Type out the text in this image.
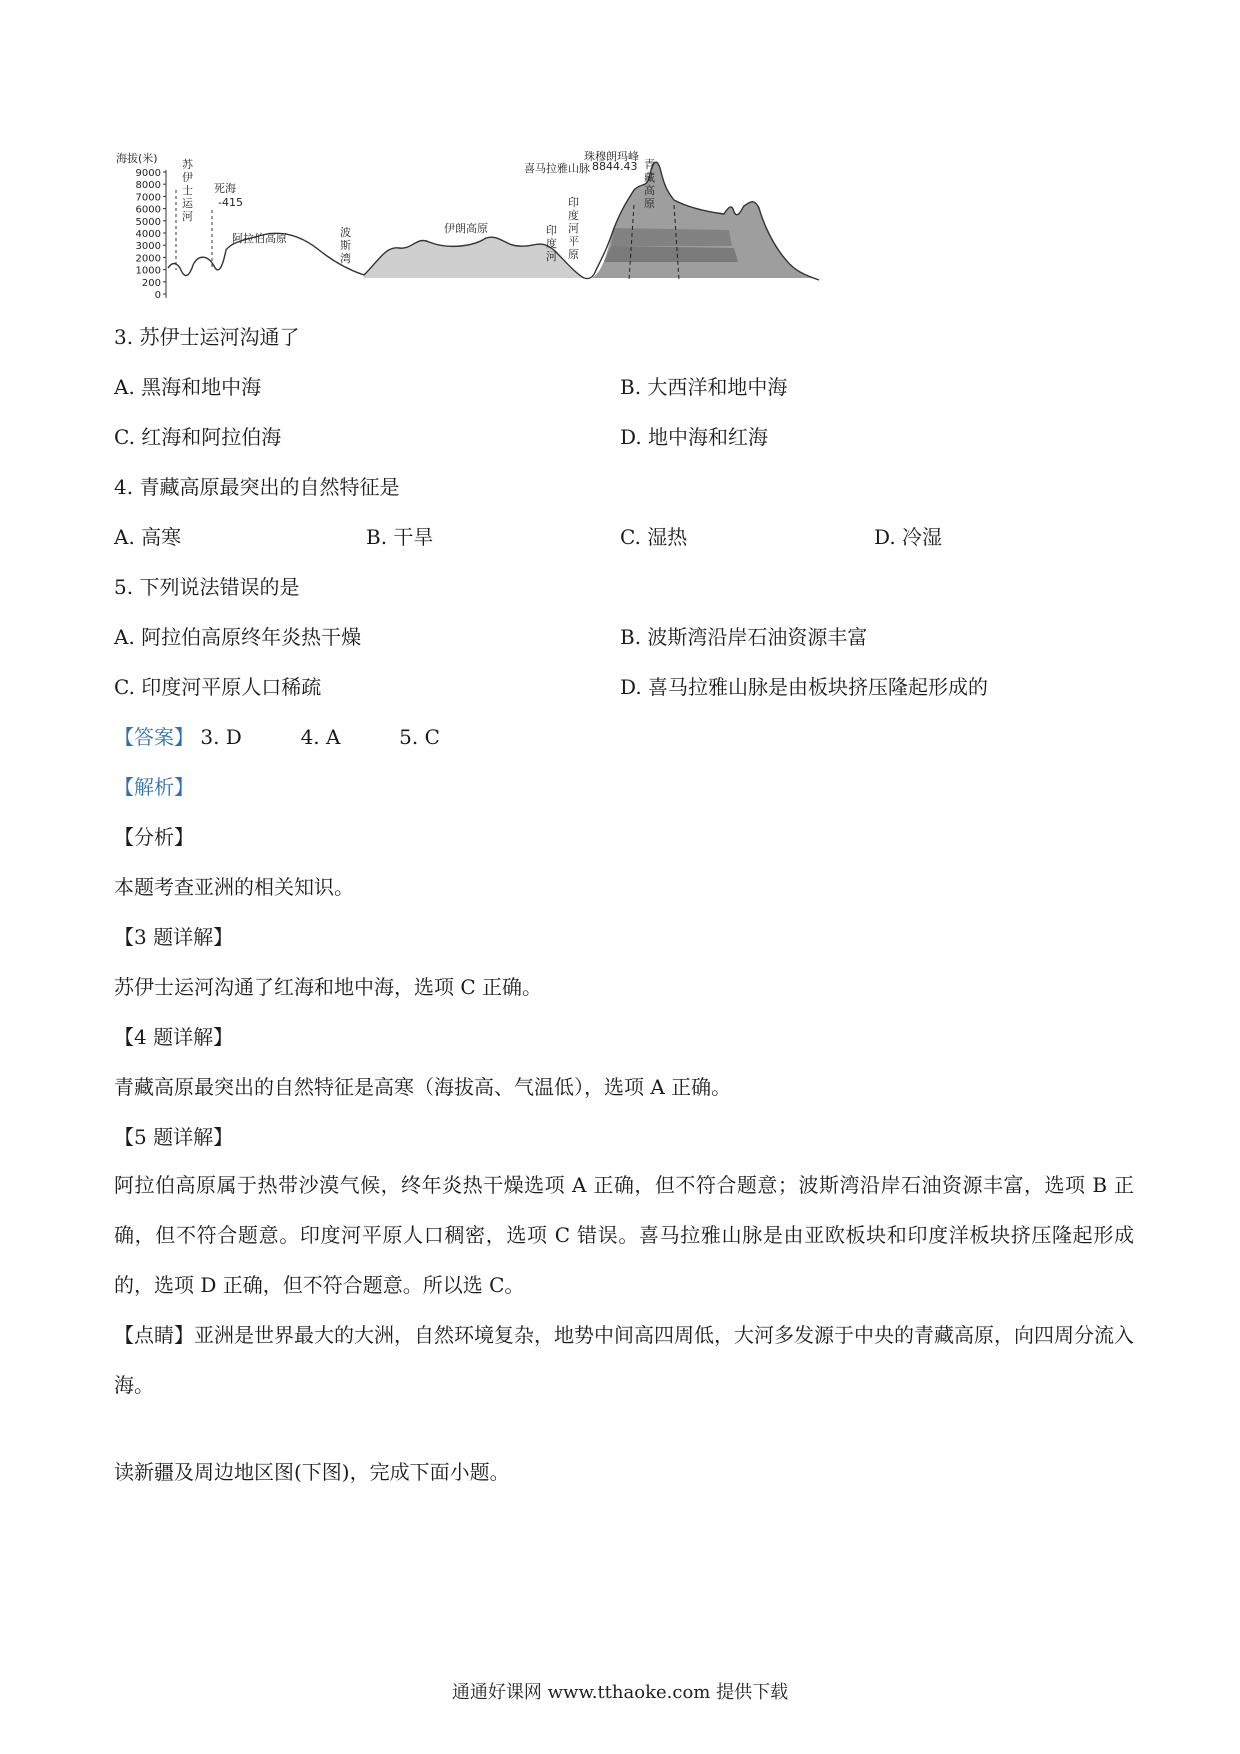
海拔(米)
9000
8000
7000
6000
5000
4000
3000
2000
1000
200
0
苏伊士运河
死海
-415
阿拉伯高原	波斯湾
伊朗高原	印度河
印度河平原
喜马拉雅山脉
珠穆朗玛峰
8844.43 青藏高原
3. 苏伊士运河沟通了
A. 黑海和地中海	B. 大西洋和地中海
C. 红海和阿拉伯海	D. 地中海和红海
4. 青藏高原最突出的自然特征是
A. 高寒	B. 干旱	C. 湿热	D. 冷湿
5. 下列说法错误的是
A. 阿拉伯高原终年炎热干燥	B. 波斯湾沿岸石油资源丰富
C. 印度河平原人口稀疏	D. 喜马拉雅山脉是由板块挤压隆起形成的
【答案】 3. D	4. A	5. C
【解析】
【分析】
本题考查亚洲的相关知识。
【3 题详解】
苏伊士运河沟通了红海和地中海，选项 C 正确。
【4 题详解】
青藏高原最突出的自然特征是高寒（海拔高、气温低），选项 A 正确。
【5 题详解】
阿拉伯高原属于热带沙漠气候，终年炎热干燥选项 A 正确，但不符合题意；波斯湾沿岸石油资源丰富，选项 B 正确，但不符合题意。印度河平原人口稠密，选项 C 错误。喜马拉雅山脉是由亚欧板块和印度洋板块挤压隆起形成的，选项 D 正确，但不符合题意。所以选 C。
【点睛】亚洲是世界最大的大洲，自然环境复杂，地势中间高四周低，大河多发源于中央的青藏高原，向四周分流入海。
读新疆及周边地区图(下图)，完成下面小题。
通通好课网 www.tthaoke.com 提供下载
